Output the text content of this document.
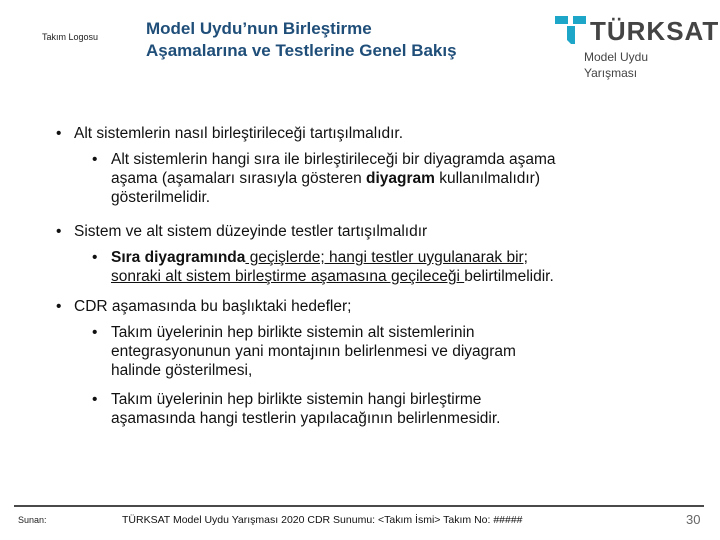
Takım Logosu	Model Uydu’nun Birleştirme
Aşamalarına ve Testlerine Genel Bakış
TÜRKSAT
Model Uydu Yarışması
• Alt sistemlerin nasıl birleştirileceği tartışılmalıdır.
• Alt sistemlerin hangi sıra ile birleştirileceği bir diyagramda aşama
aşama (aşamaları sırasıyla gösteren diyagram kullanılmalıdır)
gösterilmelidir.
• Sistem ve alt sistem düzeyinde testler tartışılmalıdır
• Sıra diyagramında geçişlerde; hangi testler uygulanarak bir;
sonraki alt sistem birleştirme aşamasına geçileceği belirtilmelidir.
• CDR aşamasında bu başlıktaki hedefler;
• Takım üyelerinin hep birlikte sistemin alt sistemlerinin
entegrasyonunun yani montajının belirlenmesi ve diyagram
halinde gösterilmesi,
• Takım üyelerinin hep birlikte sistemin hangi birleştirme
aşamasında hangi testlerin yapılacağının belirlenmesidir.
Sunan:	TÜRKSAT Model Uydu Yarışması 2020 CDR Sunumu: <Takım İsmi> Takım No: #####	30
